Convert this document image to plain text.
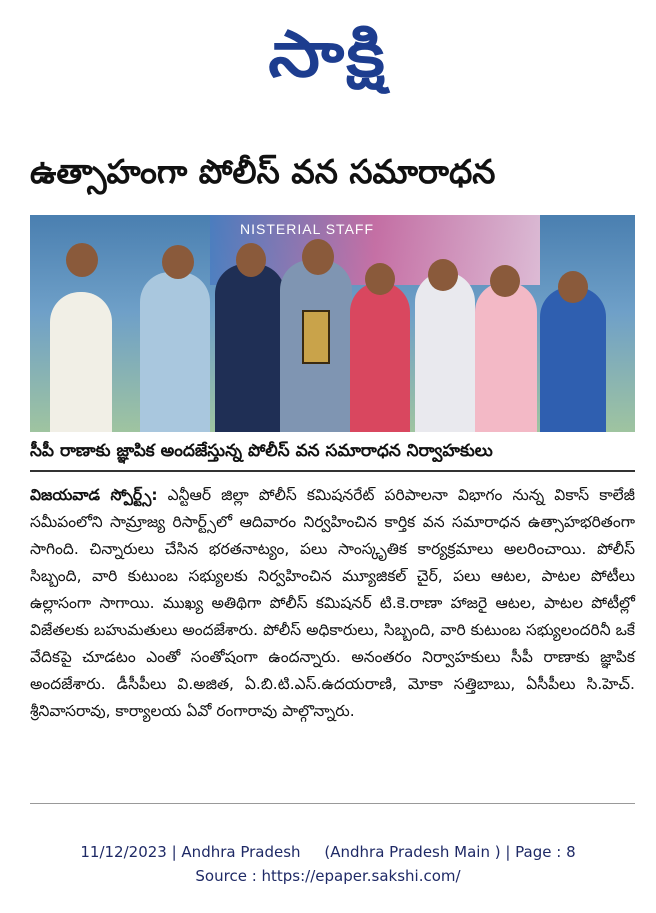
సాక్షి
ఉత్సాహంగా పోలీస్ వన సమారాధన
NISTERIAL STAFF

సీపీ రాణాకు జ్ఞాపిక అందజేస్తున్న పోలీస్ వన సమారాధన నిర్వాహకులు

విజయవాడ స్పోర్ట్స్: ఎన్టీఆర్ జిల్లా పోలీస్ కమిషనరేట్ పరిపాలనా విభాగం నున్న వికాస్ కాలేజీ సమీపంలోని సామ్రాజ్య రిసార్ట్స్‌లో ఆదివారం నిర్వహించిన కార్తిక వన సమారాధన ఉత్సాహభరితంగా సాగింది. చిన్నారులు చేసిన భరతనాట్యం, పలు సాంస్కృతిక కార్యక్రమాలు అలరించాయి. పోలీస్ సిబ్బంది, వారి కుటుంబ సభ్యులకు నిర్వహించిన మ్యూజికల్ చైర్, పలు ఆటల, పాటల పోటీలు ఉల్లాసంగా సాగాయి. ముఖ్య అతిథిగా పోలీస్ కమిషనర్ టి.కె.రాణా హాజరై ఆటల, పాటల పోటీల్లో విజేతలకు బహుమతులు అందజేశారు. పోలీస్ అధికారులు, సిబ్బంది, వారి కుటుంబ సభ్యులందరినీ ఒకే వేదికపై చూడటం ఎంతో సంతోషంగా ఉందన్నారు. అనంతరం నిర్వాహకులు సీపీ రాణాకు జ్ఞాపిక అందజేశారు. డీసీపీలు వి.అజిత, ఏ.బి.టి.ఎస్.ఉదయరాణి, మోకా సత్తిబాబు, ఏసీపీలు సి.హెచ్. శ్రీనివాసరావు, కార్యాలయ ఏవో రంగారావు పాల్గొన్నారు.

11/12/2023 | Andhra Pradesh     (Andhra Pradesh Main ) | Page : 8
Source : https://epaper.sakshi.com/
